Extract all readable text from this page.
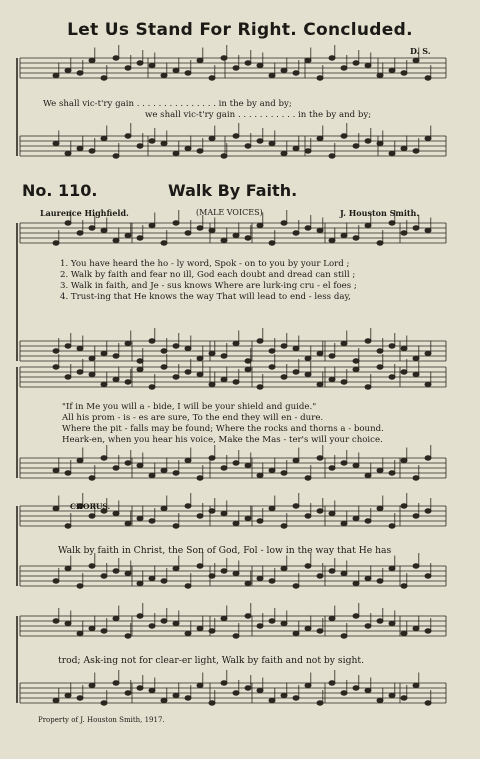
Let Us Stand For Right. Concluded.
D. S.
We shall vic-t'ry gain . . . . . . . . . . . . . . . in the by and by;
we shall vic-t'ry gain . . . . . . . . . . . in the by and by;
No. 110.	Walk By Faith.
Laurence Highfield.	(MALE VOICES)	J. Houston Smith.
1. You have heard the ho - ly word, Spok - on to you by your Lord ;
2. Walk by faith and fear no ill, God each doubt and dread can still ;
3. Walk in faith, and Je - sus knows Where are lurk-ing cru - el foes ;
4. Trust-ing that He knows the way That will lead to end - less day,
"If in Me you will a - bide, I will be your shield and guide."
All his prom - is - es are sure, To the end they will en - dure.
Where the pit - falls may be found; Where the rocks and thorns a - bound.
Heark-en, when you hear his voice, Make the Mas - ter's will your choice.
CHORUS.
Walk by faith in Christ, the Son of God, Fol - low in the way that He has
trod; Ask-ing not for clear-er light, Walk by faith and not by sight.
Property of J. Houston Smith, 1917.
